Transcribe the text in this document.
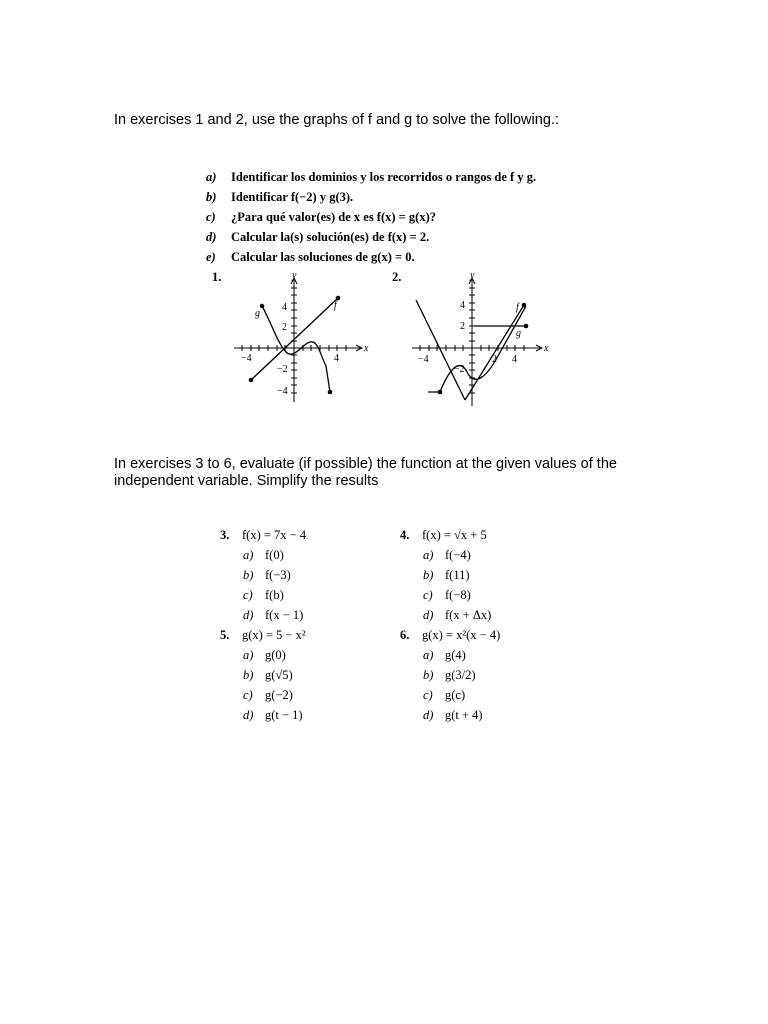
In exercises 1 and 2, use the graphs of f and g to solve the following.:
a) Identificar los dominios y los recorridos o rangos de f y g.
b) Identificar f(−2) y g(3).
c) ¿Para qué valor(es) de x es f(x) = g(x)?
d) Calcular la(s) solución(es) de f(x) = 2.
e) Calcular las soluciones de g(x) = 0.
1.	2.
4
2
−2
−4
−4	4
g
f
y
x
4
2
−2
−4	2 4
f
g
y
x
In exercises 3 to 6, evaluate (if possible) the function at the given values of the independent variable. Simplify the results
3. f(x) = 7x − 4
a) f(0)
b) f(−3)
c) f(b)
d) f(x − 1)
4. f(x) = √x + 5
a) f(−4)
b) f(11)
c) f(−8)
d) f(x + Δx)
5. g(x) = 5 − x²
a) g(0)
b) g(√5)
c) g(−2)
d) g(t − 1)
6. g(x) = x²(x − 4)
a) g(4)
b) g(3/2)
c) g(c)
d) g(t + 4)
